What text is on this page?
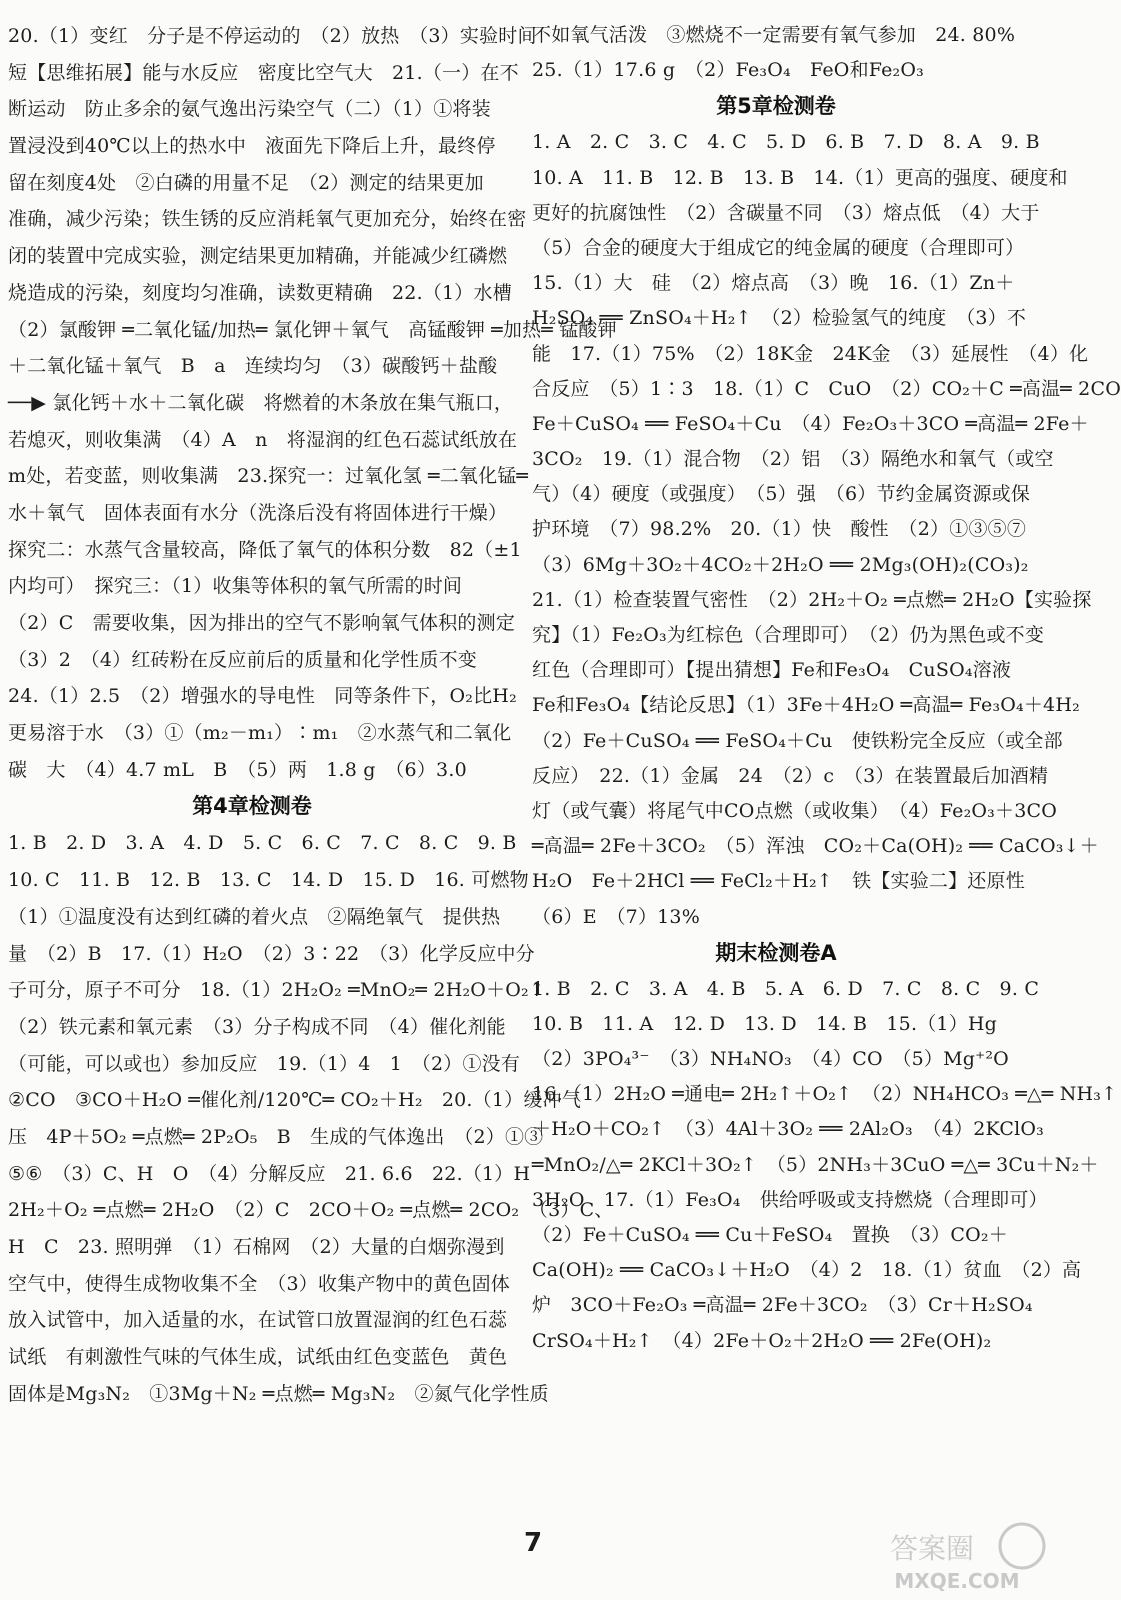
20.（1）变红　分子是不停运动的　（2）放热　（3）实验时间
短【思维拓展】能与水反应　密度比空气大　21.（一）在不
断运动　防止多余的氨气逸出污染空气（二）（1）①将装
置浸没到40℃以上的热水中　液面先下降后上升，最终停
留在刻度4处　②白磷的用量不足　（2）测定的结果更加
准确，减少污染；铁生锈的反应消耗氧气更加充分，始终在密
闭的装置中完成实验，测定结果更加精确，并能减少红磷燃
烧造成的污染，刻度均匀准确，读数更精确　22.（1）水槽
（2）氯酸钾 ═二氧化锰/加热═ 氯化钾＋氧气　高锰酸钾 ═加热═ 锰酸钾
＋二氧化锰＋氧气　B　a　连续均匀　（3）碳酸钙＋盐酸
──▶ 氯化钙＋水＋二氧化碳　将燃着的木条放在集气瓶口，
若熄灭，则收集满　（4）A　n　将湿润的红色石蕊试纸放在
m处，若变蓝，则收集满　23.探究一：过氧化氢 ═二氧化锰═
水＋氧气　固体表面有水分（洗涤后没有将固体进行干燥）
探究二：水蒸气含量较高，降低了氧气的体积分数　82（±1
内均可）　探究三：（1）收集等体积的氧气所需的时间
（2）C　需要收集，因为排出的空气不影响氧气体积的测定
（3）2　（4）红砖粉在反应前后的质量和化学性质不变
24.（1）2.5　（2）增强水的导电性　同等条件下，O₂比H₂
更易溶于水　（3）①（m₂－m₁）∶m₁　②水蒸气和二氧化
碳　大　（4）4.7 mL　B　（5）两　1.8 g　（6）3.0
第4章检测卷
1. B　2. D　3. A　4. D　5. C　6. C　7. C　8. C　9. B
10. C　11. B　12. B　13. C　14. D　15. D　16. 可燃物
（1）①温度没有达到红磷的着火点　②隔绝氧气　提供热
量　（2）B　17.（1）H₂O　（2）3∶22　（3）化学反应中分
子可分，原子不可分　18.（1）2H₂O₂ ═MnO₂═ 2H₂O＋O₂↑
（2）铁元素和氧元素　（3）分子构成不同　（4）催化剂能
（可能，可以或也）参加反应　19.（1）4　1　（2）①没有
②CO　③CO＋H₂O ═催化剂/120℃═ CO₂＋H₂　20.（1）缓冲气
压　4P＋5O₂ ═点燃═ 2P₂O₅　B　生成的气体逸出　（2）①③
⑤⑥　（3）C、H　O　（4）分解反应　21. 6.6　22.（1）H
2H₂＋O₂ ═点燃═ 2H₂O　（2）C　2CO＋O₂ ═点燃═ 2CO₂　（3）C、
H　C　23. 照明弹　（1）石棉网　（2）大量的白烟弥漫到
空气中，使得生成物收集不全　（3）收集产物中的黄色固体
放入试管中，加入适量的水，在试管口放置湿润的红色石蕊
试纸　有刺激性气味的气体生成，试纸由红色变蓝色　黄色
固体是Mg₃N₂　①3Mg＋N₂ ═点燃═ Mg₃N₂　②氮气化学性质
不如氧气活泼　③燃烧不一定需要有氧气参加　24. 80%
25.（1）17.6 g　（2）Fe₃O₄　FeO和Fe₂O₃
第5章检测卷
1. A　2. C　3. C　4. C　5. D　6. B　7. D　8. A　9. B
10. A　11. B　12. B　13. B　14.（1）更高的强度、硬度和
更好的抗腐蚀性　（2）含碳量不同　（3）熔点低　（4）大于
（5）合金的硬度大于组成它的纯金属的硬度（合理即可）
15.（1）大　硅　（2）熔点高　（3）晚　16.（1）Zn＋
H₂SO₄ ══ ZnSO₄＋H₂↑　（2）检验氢气的纯度　（3）不
能　17.（1）75%　（2）18K金　24K金　（3）延展性　（4）化
合反应　（5）1∶3　18.（1）C　CuO　（2）CO₂＋C ═高温═ 2CO
Fe＋CuSO₄ ══ FeSO₄＋Cu　（4）Fe₂O₃＋3CO ═高温═ 2Fe＋
3CO₂　19.（1）混合物　（2）铝　（3）隔绝水和氧气（或空
气）（4）硬度（或强度）　（5）强　（6）节约金属资源或保
护环境　（7）98.2%　20.（1）快　酸性　（2）①③⑤⑦
（3）6Mg＋3O₂＋4CO₂＋2H₂O ══ 2Mg₃(OH)₂(CO₃)₂
21.（1）检查装置气密性　（2）2H₂＋O₂ ═点燃═ 2H₂O【实验探
究】（1）Fe₂O₃为红棕色（合理即可）　（2）仍为黑色或不变
红色（合理即可）【提出猜想】Fe和Fe₃O₄　CuSO₄溶液
Fe和Fe₃O₄【结论反思】（1）3Fe＋4H₂O ═高温═ Fe₃O₄＋4H₂
（2）Fe＋CuSO₄ ══ FeSO₄＋Cu　使铁粉完全反应（或全部
反应）　22.（1）金属　24　（2）c　（3）在装置最后加酒精
灯（或气囊）将尾气中CO点燃（或收集）　（4）Fe₂O₃＋3CO
═高温═ 2Fe＋3CO₂　（5）浑浊　CO₂＋Ca(OH)₂ ══ CaCO₃↓＋
H₂O　Fe＋2HCl ══ FeCl₂＋H₂↑　铁【实验二】还原性
（6）E　（7）13%
期末检测卷A
1. B　2. C　3. A　4. B　5. A　6. D　7. C　8. C　9. C
10. B　11. A　12. D　13. D　14. B　15.（1）Hg
（2）3PO₄³⁻　（3）NH₄NO₃　（4）CO　（5）Mg⁺²O
16.（1）2H₂O ═通电═ 2H₂↑＋O₂↑　（2）NH₄HCO₃ ═△═ NH₃↑
＋H₂O＋CO₂↑　（3）4Al＋3O₂ ══ 2Al₂O₃　（4）2KClO₃
═MnO₂/△═ 2KCl＋3O₂↑　（5）2NH₃＋3CuO ═△═ 3Cu＋N₂＋
3H₂O　17.（1）Fe₃O₄　供给呼吸或支持燃烧（合理即可）
（2）Fe＋CuSO₄ ══ Cu＋FeSO₄　置换　（3）CO₂＋
Ca(OH)₂ ══ CaCO₃↓＋H₂O　（4）2　18.（1）贫血　（2）高
炉　3CO＋Fe₂O₃ ═高温═ 2Fe＋3CO₂　（3）Cr＋H₂SO₄
CrSO₄＋H₂↑　（4）2Fe＋O₂＋2H₂O ══ 2Fe(OH)₂
7	答案圈
MXQE.COM
